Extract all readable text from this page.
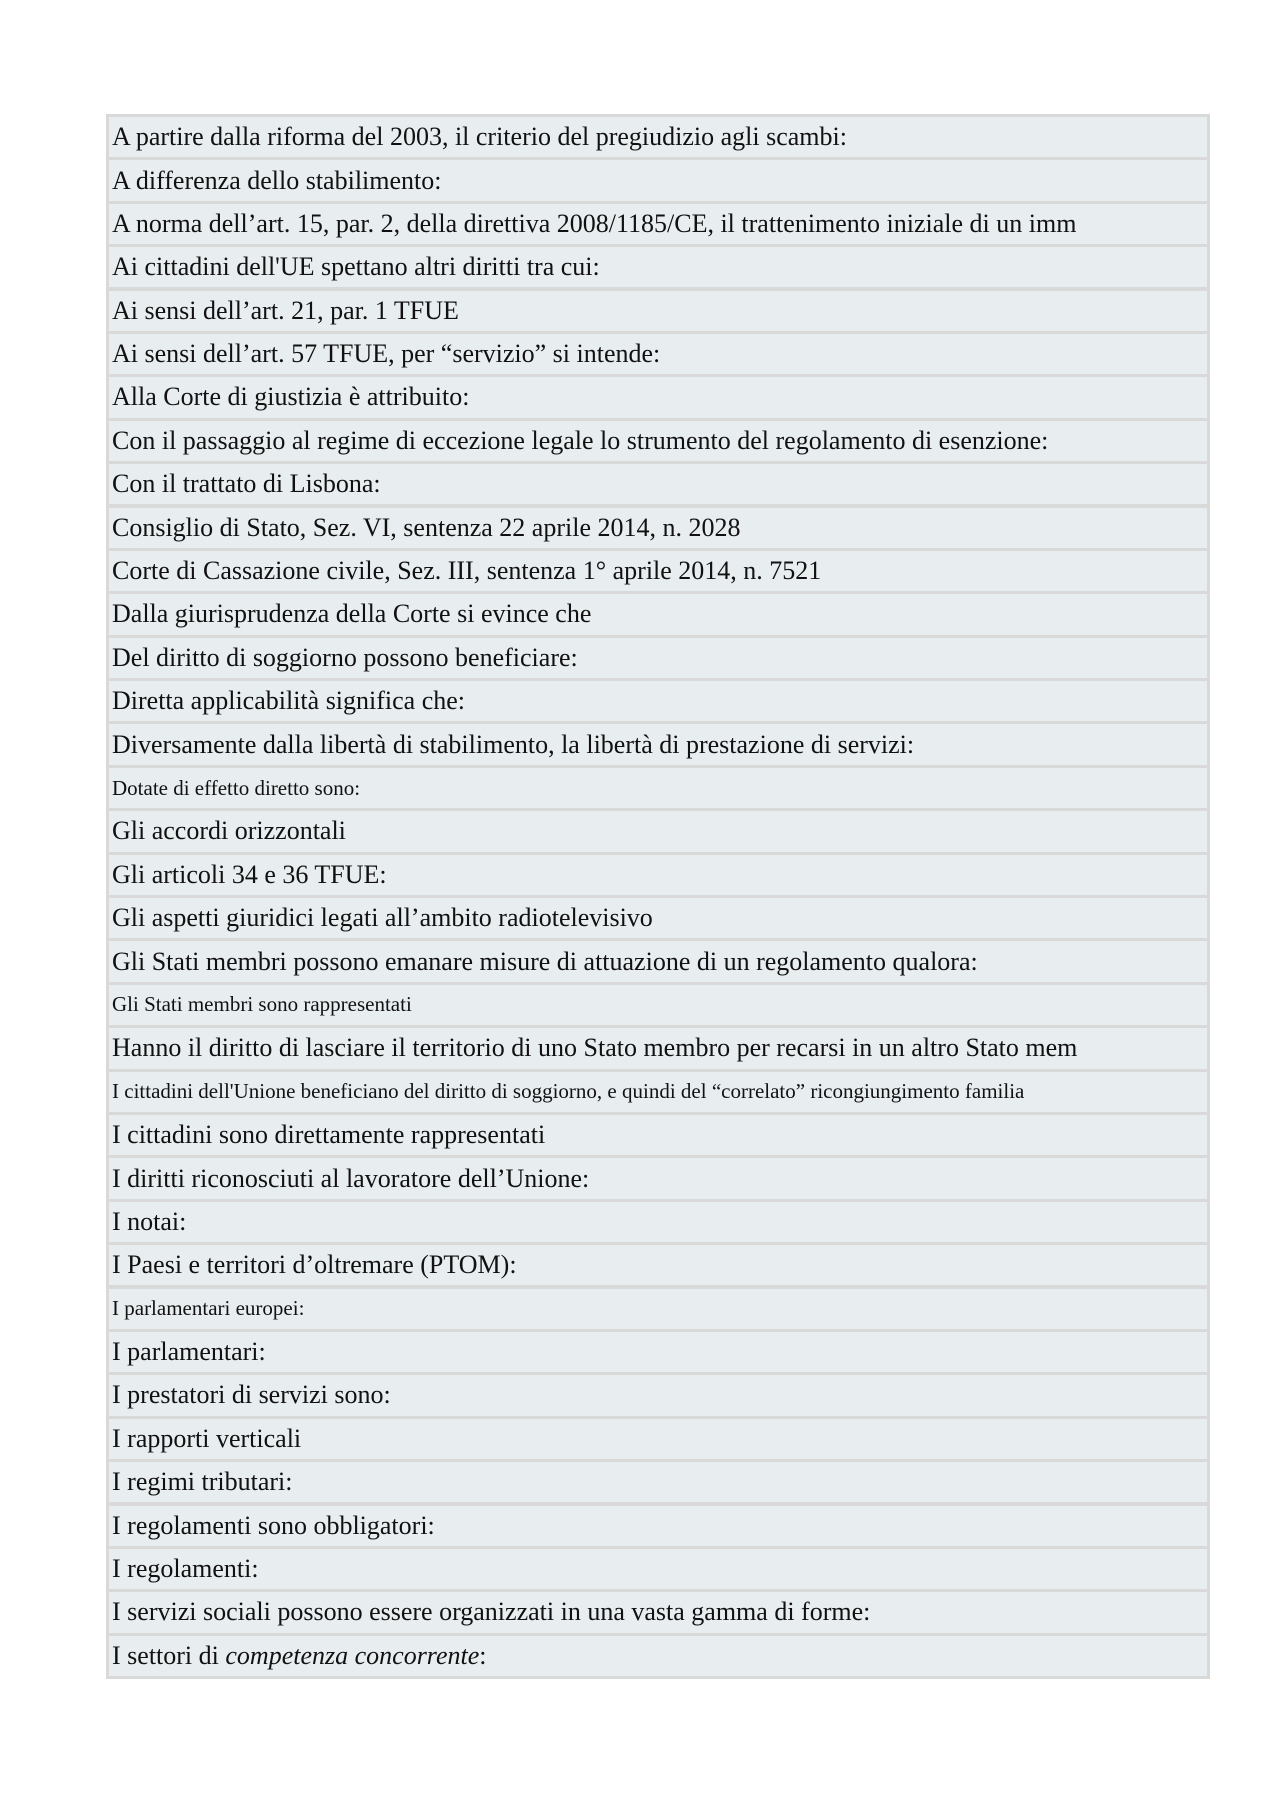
A partire dalla riforma del 2003, il criterio del pregiudizio agli scambi:
A differenza dello stabilimento:
A norma dell’art. 15, par. 2, della direttiva 2008/1185/CE, il trattenimento iniziale di un imm
Ai cittadini dell'UE spettano altri diritti tra cui:
Ai sensi dell’art. 21, par. 1 TFUE
Ai sensi dell’art. 57 TFUE, per “servizio” si intende:
Alla Corte di giustizia è attribuito:
Con il passaggio al regime di eccezione legale lo strumento del regolamento di esenzione:
Con il trattato di Lisbona:
Consiglio di Stato, Sez. VI, sentenza 22 aprile 2014, n. 2028
Corte di Cassazione civile, Sez. III, sentenza 1° aprile 2014, n. 7521
Dalla giurisprudenza della Corte si evince che
Del diritto di soggiorno possono beneficiare:
Diretta applicabilità significa che:
Diversamente dalla libertà di stabilimento, la libertà di prestazione di servizi:
Dotate di effetto diretto sono:
Gli accordi orizzontali
Gli articoli 34 e 36 TFUE:
Gli aspetti giuridici legati all’ambito radiotelevisivo
Gli Stati membri possono emanare misure di attuazione di un regolamento qualora:
Gli Stati membri sono rappresentati
Hanno il diritto di lasciare il territorio di uno Stato membro per recarsi in un altro Stato mem
I cittadini dell'Unione beneficiano del diritto di soggiorno, e quindi del “correlato” ricongiungimento familia
I cittadini sono direttamente rappresentati
I diritti riconosciuti al lavoratore dell’Unione:
I notai:
I Paesi e territori d’oltremare (PTOM):
I parlamentari europei:
I parlamentari:
I prestatori di servizi sono:
I rapporti verticali
I regimi tributari:
I regolamenti sono obbligatori:
I regolamenti:
I servizi sociali possono essere organizzati in una vasta gamma di forme:
I settori di competenza concorrente:
